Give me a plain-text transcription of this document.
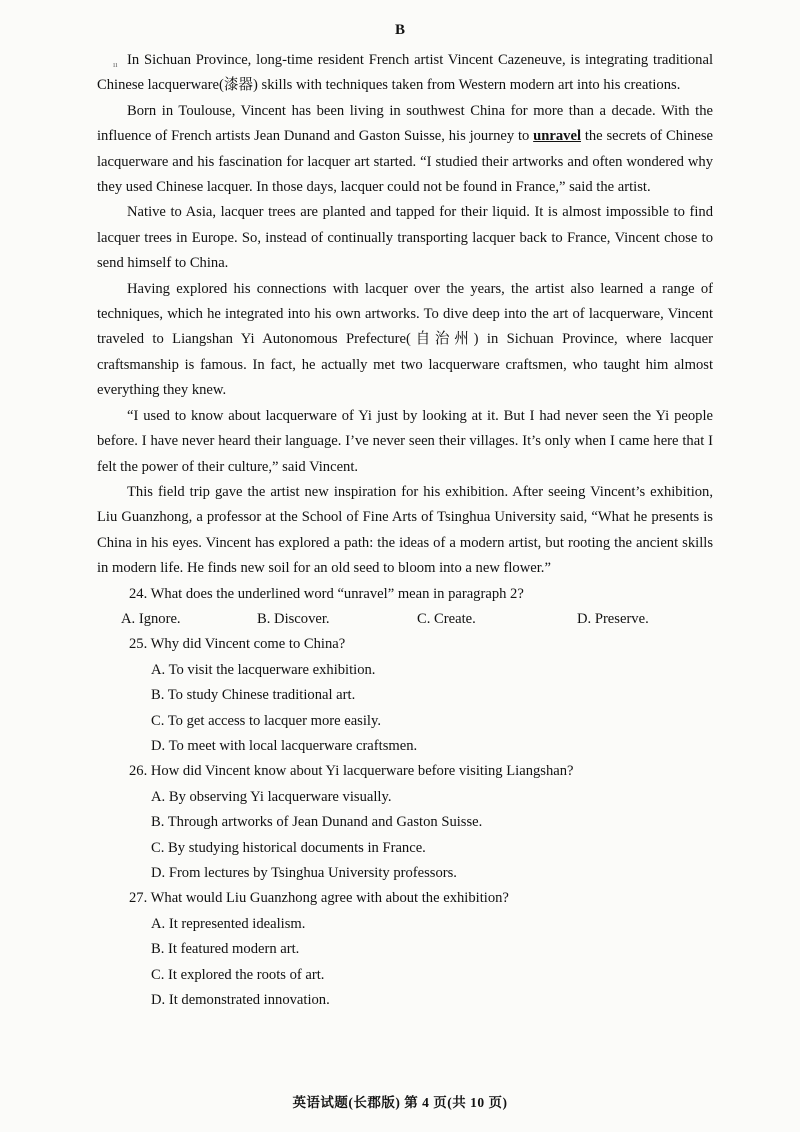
B
ıı In Sichuan Province, long-time resident French artist Vincent Cazeneuve, is integrating traditional Chinese lacquerware(漆器) skills with techniques taken from Western modern art into his creations.

Born in Toulouse, Vincent has been living in southwest China for more than a decade. With the influence of French artists Jean Dunand and Gaston Suisse, his journey to unravel the secrets of Chinese lacquerware and his fascination for lacquer art started. “I studied their artworks and often wondered why they used Chinese lacquer. In those days, lacquer could not be found in France,” said the artist.

Native to Asia, lacquer trees are planted and tapped for their liquid. It is almost impossible to find lacquer trees in Europe. So, instead of continually transporting lacquer back to France, Vincent chose to send himself to China.

Having explored his connections with lacquer over the years, the artist also learned a range of techniques, which he integrated into his own artworks. To dive deep into the art of lacquerware, Vincent traveled to Liangshan Yi Autonomous Prefecture(自治州) in Sichuan Province, where lacquer craftsmanship is famous. In fact, he actually met two lacquerware craftsmen, who taught him almost everything they knew.

“I used to know about lacquerware of Yi just by looking at it. But I had never seen the Yi people before. I have never heard their language. I’ve never seen their villages. It’s only when I came here that I felt the power of their culture,” said Vincent.

This field trip gave the artist new inspiration for his exhibition. After seeing Vincent’s exhibition, Liu Guanzhong, a professor at the School of Fine Arts of Tsinghua University said, “What he presents is China in his eyes. Vincent has explored a path: the ideas of a modern artist, but rooting the ancient skills in modern life. He finds new soil for an old seed to bloom into a new flower.”

24. What does the underlined word “unravel” mean in paragraph 2?

A. Ignore.	B. Discover.	C. Create.	D. Preserve.

25. Why did Vincent come to China?

A. To visit the lacquerware exhibition.

B. To study Chinese traditional art.

C. To get access to lacquer more easily.

D. To meet with local lacquerware craftsmen.

26. How did Vincent know about Yi lacquerware before visiting Liangshan?

A. By observing Yi lacquerware visually.

B. Through artworks of Jean Dunand and Gaston Suisse.

C. By studying historical documents in France.

D. From lectures by Tsinghua University professors.

27. What would Liu Guanzhong agree with about the exhibition?

A. It represented idealism.

B. It featured modern art.

C. It explored the roots of art.

D. It demonstrated innovation.

英语试题(长郡版) 第 4 页(共 10 页)
